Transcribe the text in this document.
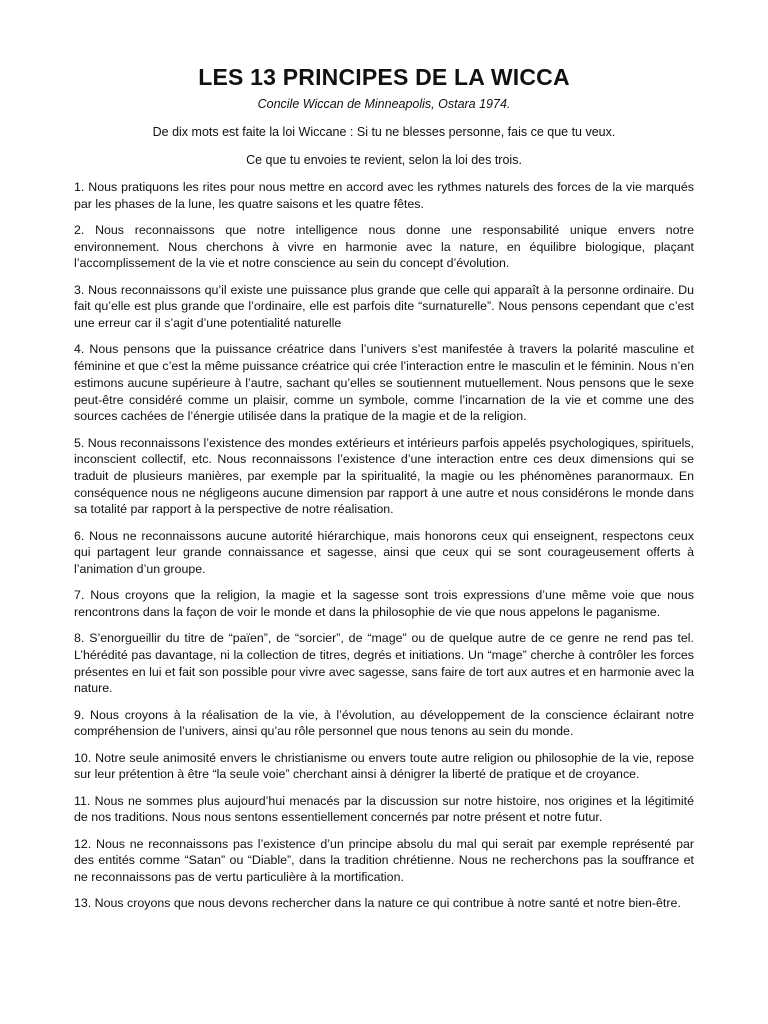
LES 13 PRINCIPES DE LA WICCA

Concile Wiccan de Minneapolis, Ostara 1974.

De dix mots est faite la loi Wiccane : Si tu ne blesses personne, fais ce que tu veux.

Ce que tu envoies te revient, selon la loi des trois.

1. Nous pratiquons les rites pour nous mettre en accord avec les rythmes naturels des forces de la vie marqués par les phases de la lune, les quatre saisons et les quatre fêtes.

2. Nous reconnaissons que notre intelligence nous donne une responsabilité unique envers notre environnement. Nous cherchons à vivre en harmonie avec la nature, en équilibre biologique, plaçant l’accomplissement de la vie et notre conscience au sein du concept d’évolution.

3. Nous reconnaissons qu’il existe une puissance plus grande que celle qui apparaît à la personne ordinaire. Du fait qu’elle est plus grande que l’ordinaire, elle est parfois dite “surnaturelle”. Nous pensons cependant que c’est une erreur car il s’agit d’une potentialité naturelle

4. Nous pensons que la puissance créatrice dans l’univers s’est manifestée à travers la polarité masculine et féminine et que c’est la même puissance créatrice qui crée l’interaction entre le masculin et le féminin. Nous n’en estimons aucune supérieure à l’autre, sachant qu’elles se soutiennent mutuellement. Nous pensons que le sexe peut-être considéré comme un plaisir, comme un symbole, comme l’incarnation de la vie et comme une des sources cachées de l’énergie utilisée dans la pratique de la magie et de la religion.

5. Nous reconnaissons l’existence des mondes extérieurs et intérieurs parfois appelés psychologiques, spirituels, inconscient collectif, etc. Nous reconnaissons l’existence d’une interaction entre ces deux dimensions qui se traduit de plusieurs manières, par exemple par la spiritualité, la magie ou les phénomènes paranormaux. En conséquence nous ne négligeons aucune dimension par rapport à une autre et nous considérons le monde dans sa totalité par rapport à la perspective de notre réalisation.

6. Nous ne reconnaissons aucune autorité hiérarchique, mais honorons ceux qui enseignent, respectons ceux qui partagent leur grande connaissance et sagesse, ainsi que ceux qui se sont courageusement offerts à l’animation d’un groupe.

7. Nous croyons que la religion, la magie et la sagesse sont trois expressions d’une même voie que nous rencontrons dans la façon de voir le monde et dans la philosophie de vie que nous appelons le paganisme.

8. S’enorgueillir du titre de “païen”, de “sorcier”, de “mage” ou de quelque autre de ce genre ne rend pas tel. L’hérédité pas davantage, ni la collection de titres, degrés et initiations. Un “mage” cherche à contrôler les forces présentes en lui et fait son possible pour vivre avec sagesse, sans faire de tort aux autres et en harmonie avec la nature.

9. Nous croyons à la réalisation de la vie, à l’évolution, au développement de la conscience éclairant notre compréhension de l’univers, ainsi qu’au rôle personnel que nous tenons au sein du monde.

10. Notre seule animosité envers le christianisme ou envers toute autre religion ou philosophie de la vie, repose sur leur prétention à être “la seule voie” cherchant ainsi à dénigrer la liberté de pratique et de croyance.

11. Nous ne sommes plus aujourd’hui menacés par la discussion sur notre histoire, nos origines et la légitimité de nos traditions. Nous nous sentons essentiellement concernés par notre présent et notre futur.

12. Nous ne reconnaissons pas l’existence d’un principe absolu du mal qui serait par exemple représenté par des entités comme “Satan” ou “Diable”, dans la tradition chrétienne. Nous ne recherchons pas la souffrance et ne reconnaissons pas de vertu particulière à la mortification.

13. Nous croyons que nous devons rechercher dans la nature ce qui contribue à notre santé et notre bien-être.
